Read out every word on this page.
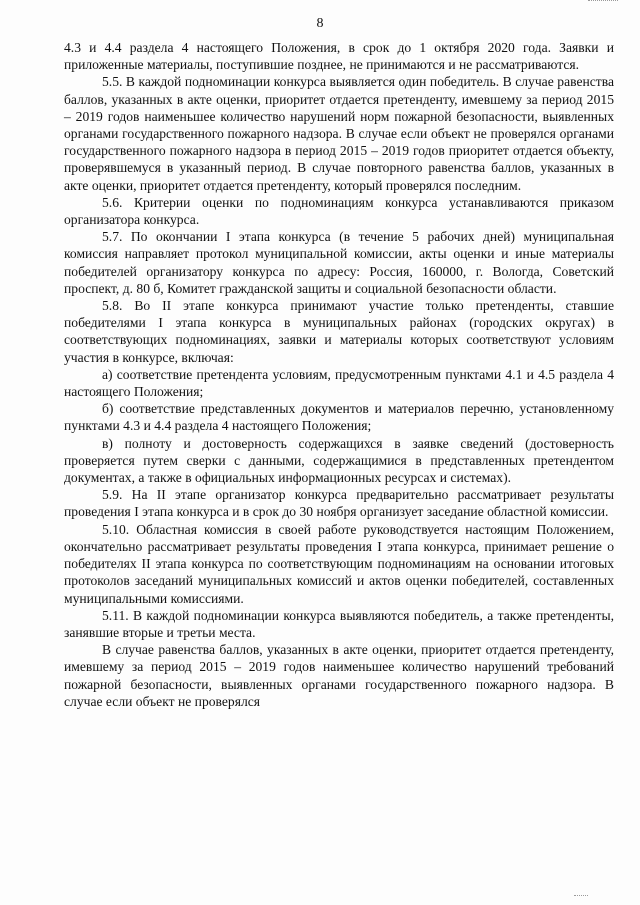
8

4.3 и 4.4 раздела 4 настоящего Положения, в срок до 1 октября 2020 года. Заявки и приложенные материалы, поступившие позднее, не принимаются и не рассматриваются.

5.5. В каждой подноминации конкурса выявляется один победитель. В случае равенства баллов, указанных в акте оценки, приоритет отдается претенденту, имевшему за период 2015 – 2019 годов наименьшее количество нарушений норм пожарной безопасности, выявленных органами государственного пожарного надзора. В случае если объект не проверялся органами государственного пожарного надзора в период 2015 – 2019 годов приоритет отдается объекту, проверявшемуся в указанный период. В случае повторного равенства баллов, указанных в акте оценки, приоритет отдается претенденту, который проверялся последним.

5.6. Критерии оценки по подноминациям конкурса устанавливаются приказом организатора конкурса.

5.7. По окончании I этапа конкурса (в течение 5 рабочих дней) муниципальная комиссия направляет протокол муниципальной комиссии, акты оценки и иные материалы победителей организатору конкурса по адресу: Россия, 160000, г. Вологда, Советский проспект, д. 80 б, Комитет гражданской защиты и социальной безопасности области.

5.8. Во II этапе конкурса принимают участие только претенденты, ставшие победителями I этапа конкурса в муниципальных районах (городских округах) в соответствующих подноминациях, заявки и материалы которых соответствуют условиям участия в конкурсе, включая:

а) соответствие претендента условиям, предусмотренным пунктами 4.1 и 4.5 раздела 4 настоящего Положения;

б) соответствие представленных документов и материалов перечню, установленному пунктами 4.3 и 4.4 раздела 4 настоящего Положения;

в) полноту и достоверность содержащихся в заявке сведений (достоверность проверяется путем сверки с данными, содержащимися в представленных претендентом документах, а также в официальных информационных ресурсах и системах).

5.9. На II этапе организатор конкурса предварительно рассматривает результаты проведения I этапа конкурса и в срок до 30 ноября организует заседание областной комиссии.

5.10. Областная комиссия в своей работе руководствуется настоящим Положением, окончательно рассматривает результаты проведения I этапа конкурса, принимает решение о победителях II этапа конкурса по соответствующим подноминациям на основании итоговых протоколов заседаний муниципальных комиссий и актов оценки победителей, составленных муниципальными комиссиями.

5.11. В каждой подноминации конкурса выявляются победитель, а также претенденты, занявшие вторые и третьи места.

В случае равенства баллов, указанных в акте оценки, приоритет отдается претенденту, имевшему за период 2015 – 2019 годов наименьшее количество нарушений требований пожарной безопасности, выявленных органами государственного пожарного надзора. В случае если объект не проверялся
